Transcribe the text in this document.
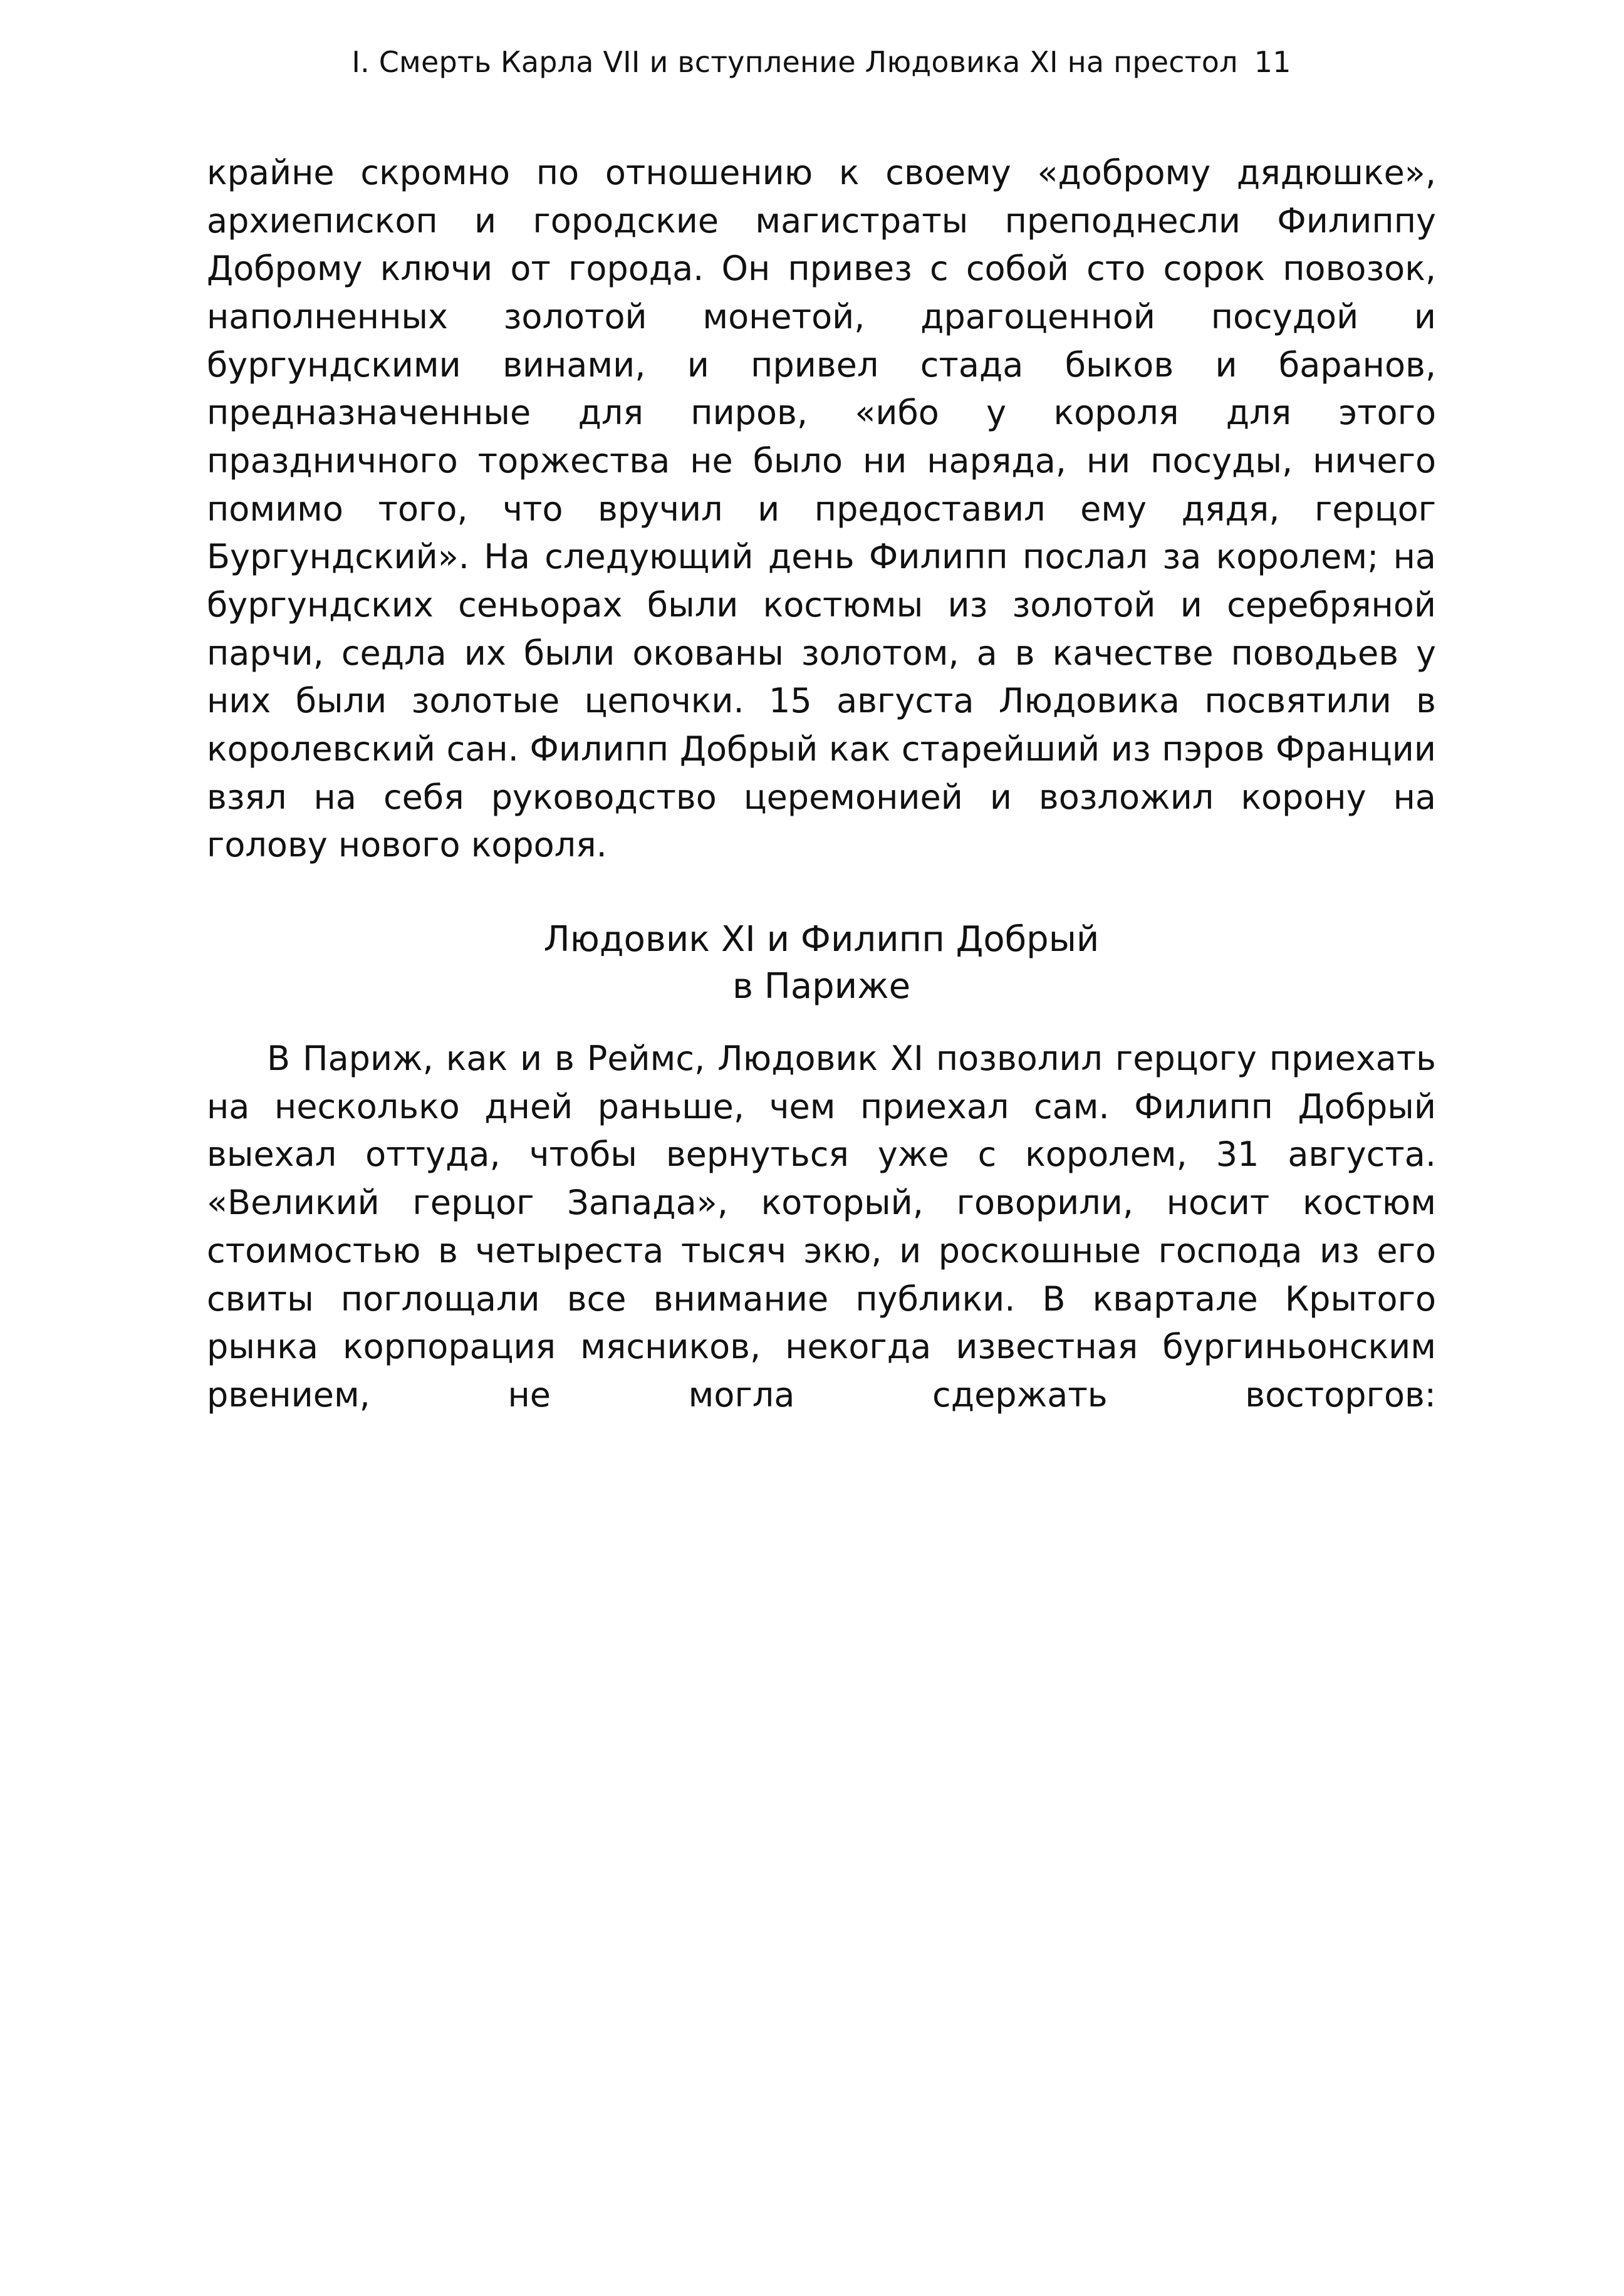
I. Смерть Карла VII и вступление Людовика XI на престол 11

крайне скромно по отношению к своему «доброму дядюшке», архиепископ и городские магистраты преподнесли Филиппу Доброму ключи от города. Он привез с собой сто сорок повозок, наполненных золотой монетой, драгоценной посудой и бургундскими винами, и привел стада быков и баранов, предназначенные для пиров, «ибо у короля для этого праздничного торжества не было ни наряда, ни посуды, ничего помимо того, что вручил и предоставил ему дядя, герцог Бургундский». На следующий день Филипп послал за королем; на бургундских сеньорах были костюмы из золотой и серебряной парчи, седла их были окованы золотом, а в качестве поводьев у них были золотые цепочки. 15 августа Людовика посвятили в королевский сан. Филипп Добрый как старейший из пэров Франции взял на себя руководство церемонией и возложил корону на голову нового короля.

Людовик XI и Филипп Добрый
в Париже

В Париж, как и в Реймс, Людовик XI позволил герцогу приехать на несколько дней раньше, чем приехал сам. Филипп Добрый выехал оттуда, чтобы вернуться уже с королем, 31 августа. «Великий герцог Запада», который, говорили, носит костюм стоимостью в четыреста тысяч экю, и роскошные господа из его свиты поглощали все внимание публики. В квартале Крытого рынка корпорация мясников, некогда известная бургиньонским рвением, не могла сдержать восторгов:
